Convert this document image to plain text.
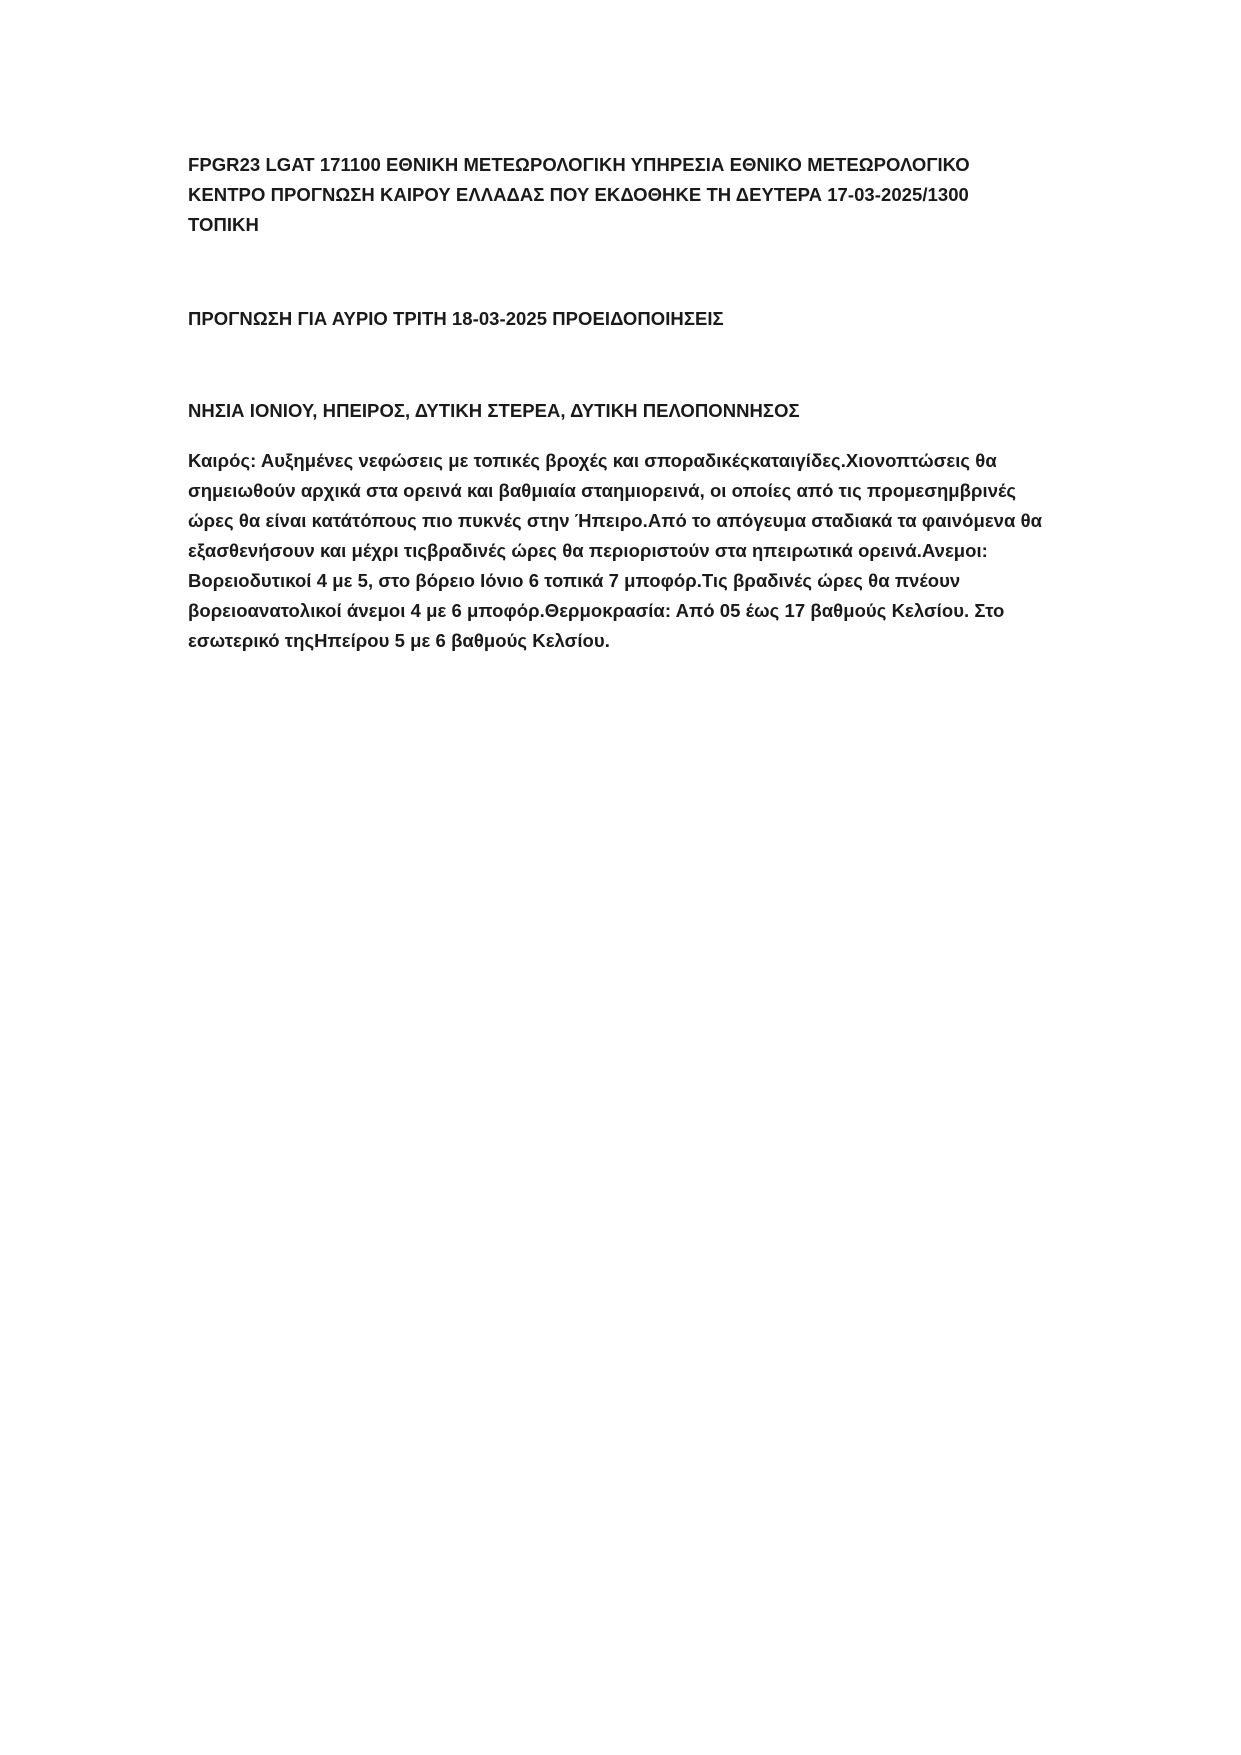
FPGR23 LGAT 171100 ΕΘΝΙΚΗ ΜΕΤΕΩΡΟΛΟΓΙΚΗ ΥΠΗΡΕΣΙΑ ΕΘΝΙΚΟ ΜΕΤΕΩΡΟΛΟΓΙΚΟ ΚΕΝΤΡΟ ΠΡΟΓΝΩΣΗ ΚΑΙΡΟΥ ΕΛΛΑΔΑΣ ΠΟΥ ΕΚΔΟΘΗΚΕ ΤΗ ΔΕΥΤΕΡΑ 17-03-2025/1300 ΤΟΠΙΚΗ

ΠΡΟΓΝΩΣΗ ΓΙΑ ΑΥΡΙΟ ΤΡΙΤΗ 18-03-2025 ΠΡΟΕΙΔΟΠΟΙΗΣΕΙΣ

ΝΗΣΙΑ ΙΟΝΙΟΥ, ΗΠΕΙΡΟΣ, ΔΥΤΙΚΗ ΣΤΕΡΕΑ, ΔΥΤΙΚΗ ΠΕΛΟΠΟΝΝΗΣΟΣ

Καιρός: Αυξημένες νεφώσεις με τοπικές βροχές και σποραδικέςκαταιγίδες.Χιονοπτώσεις θα σημειωθούν αρχικά στα ορεινά και βαθμιαία σταημιορεινά, οι οποίες από τις προμεσημβρινές ώρες θα είναι κατάτόπους πιο πυκνές στην Ήπειρο.Από το απόγευμα σταδιακά τα φαινόμενα θα εξασθενήσουν και μέχρι τιςβραδινές ώρες θα περιοριστούν στα ηπειρωτικά ορεινά.Ανεμοι: Βορειοδυτικοί 4 με 5, στο βόρειο Ιόνιο 6 τοπικά 7 μποφόρ.Τις βραδινές ώρες θα πνέουν βορειοανατολικοί άνεμοι 4 με 6 μποφόρ.Θερμοκρασία: Από 05 έως 17 βαθμούς Κελσίου. Στο εσωτερικό τηςΗπείρου 5 με 6 βαθμούς Κελσίου.
